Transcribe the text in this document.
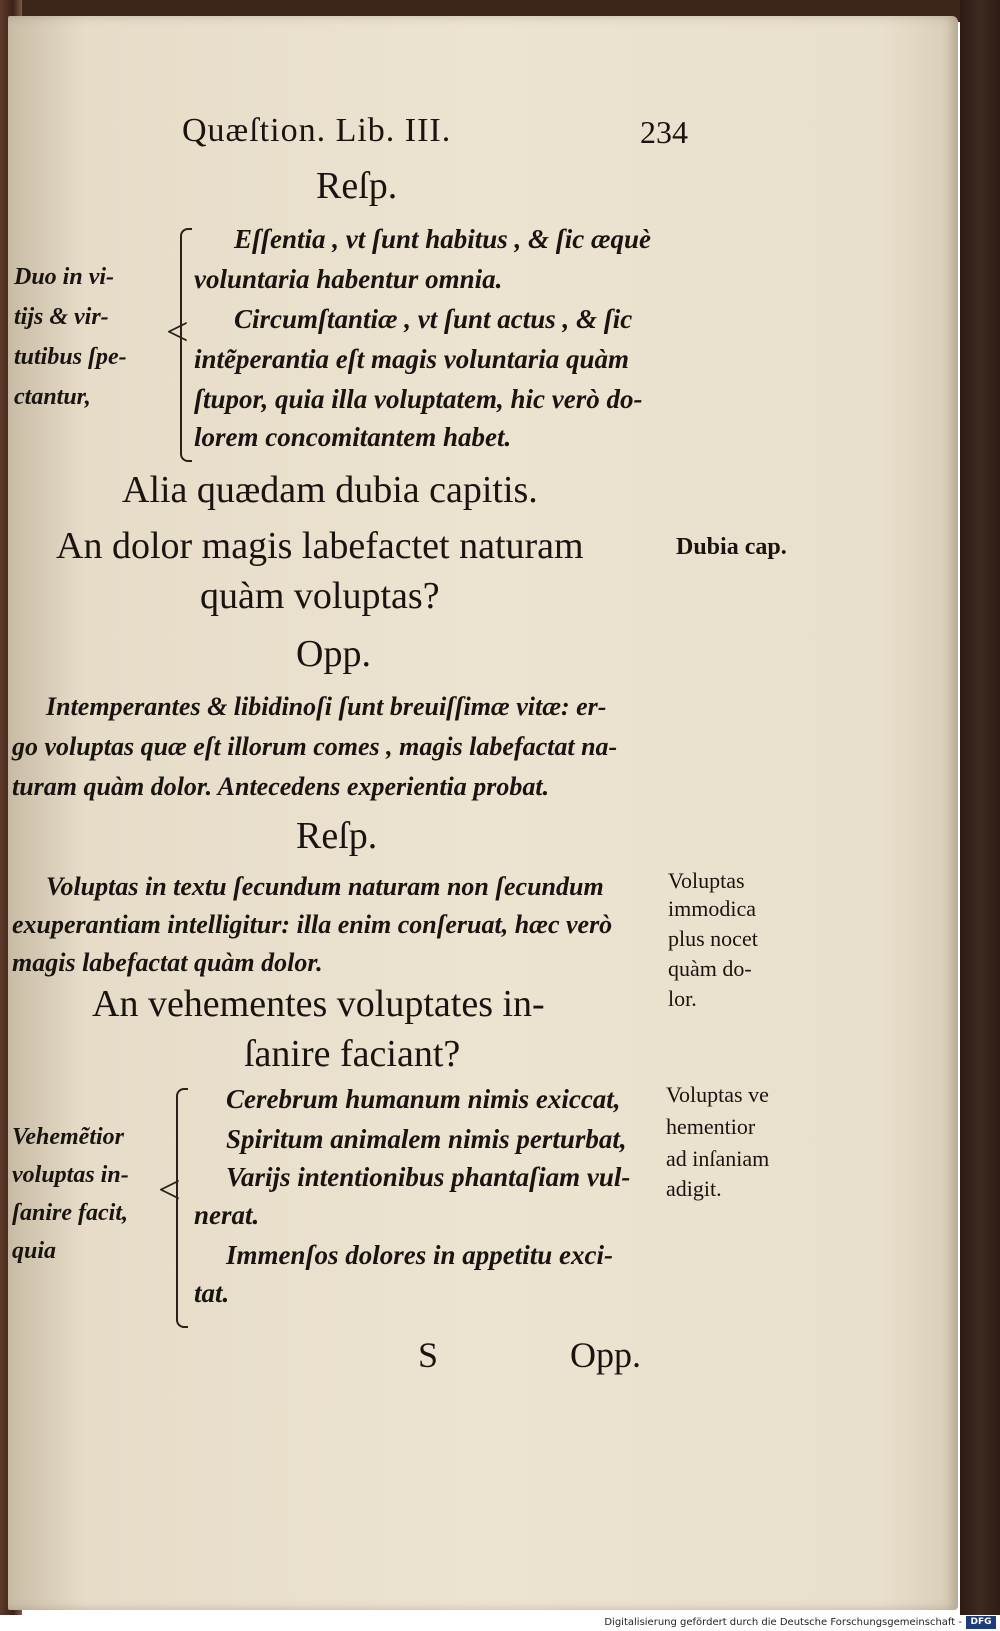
Quæſtion. Lib. III.	234
Reſp.
Duo in vi-
tijs & vir-
tutibus ſpe-
ctantur,
<
Eſſentia , vt ſunt habitus , & ſic æquè
voluntaria habentur omnia.
Circumſtantiæ , vt ſunt actus , & ſic
intẽperantia eſt magis voluntaria quàm
ſtupor, quia illa voluptatem, hic verò do-
lorem concomitantem habet.
Alia quædam dubia capitis.
An dolor magis labefactet naturam
quàm voluptas?
Dubia cap.
Opp.
Intemperantes & libidinoſi ſunt breuiſſimæ vitæ: er-
go voluptas quæ eſt illorum comes , magis labefactat na-
turam quàm dolor. Antecedens experientia probat.
Reſp.
Voluptas in textu ſecundum naturam non ſecundum
exuperantiam intelligitur: illa enim conſeruat, hæc verò
magis labefactat quàm dolor.
Voluptas
immodica
plus nocet
quàm do-
lor.
An vehementes voluptates in-
ſanire faciant?
Vehemẽtior
voluptas in-
ſanire facit,
quia
<
Cerebrum humanum nimis exiccat,
Spiritum animalem nimis perturbat,
Varijs intentionibus phantaſiam vul-
nerat.
Immenſos dolores in appetitu exci-
tat.
Voluptas ve
hementior
ad inſaniam
adigit.
S	Opp.
Digitalisierung gefördert durch die Deutsche Forschungsgemeinschaft - DFG
